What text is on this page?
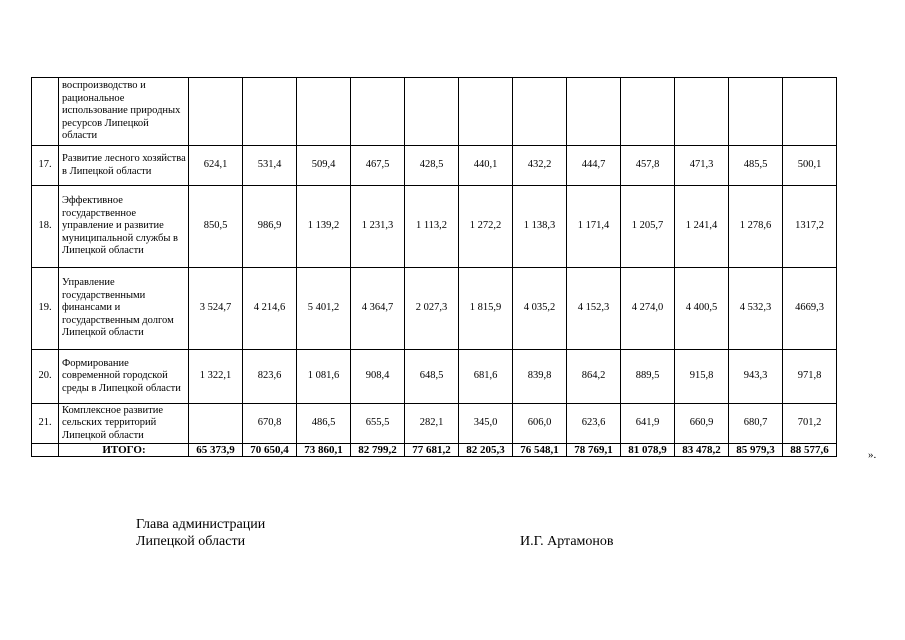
	воспроизводство и рациональное использование природных ресурсов Липецкой области												
17.	Развитие лесного хозяйства в Липецкой области	624,1	531,4	509,4	467,5	428,5	440,1	432,2	444,7	457,8	471,3	485,5	500,1
18.	Эффективное государственное управление и развитие муниципальной службы в Липецкой области	850,5	986,9	1 139,2	1 231,3	1 113,2	1 272,2	1 138,3	1 171,4	1 205,7	1 241,4	1 278,6	1317,2
19.	Управление государственными финансами и государственным долгом Липецкой области	3 524,7	4 214,6	5 401,2	4 364,7	2 027,3	1 815,9	4 035,2	4 152,3	4 274,0	4 400,5	4 532,3	4669,3
20.	Формирование современной городской среды в Липецкой области	1 322,1	823,6	1 081,6	908,4	648,5	681,6	839,8	864,2	889,5	915,8	943,3	971,8
21.	Комплексное развитие сельских территорий Липецкой области		670,8	486,5	655,5	282,1	345,0	606,0	623,6	641,9	660,9	680,7	701,2
	ИТОГО:	65 373,9	70 650,4	73 860,1	82 799,2	77 681,2	82 205,3	76 548,1	78 769,1	81 078,9	83 478,2	85 979,3	88 577,6	».
Глава администрации
Липецкой области	И.Г. Артамонов
